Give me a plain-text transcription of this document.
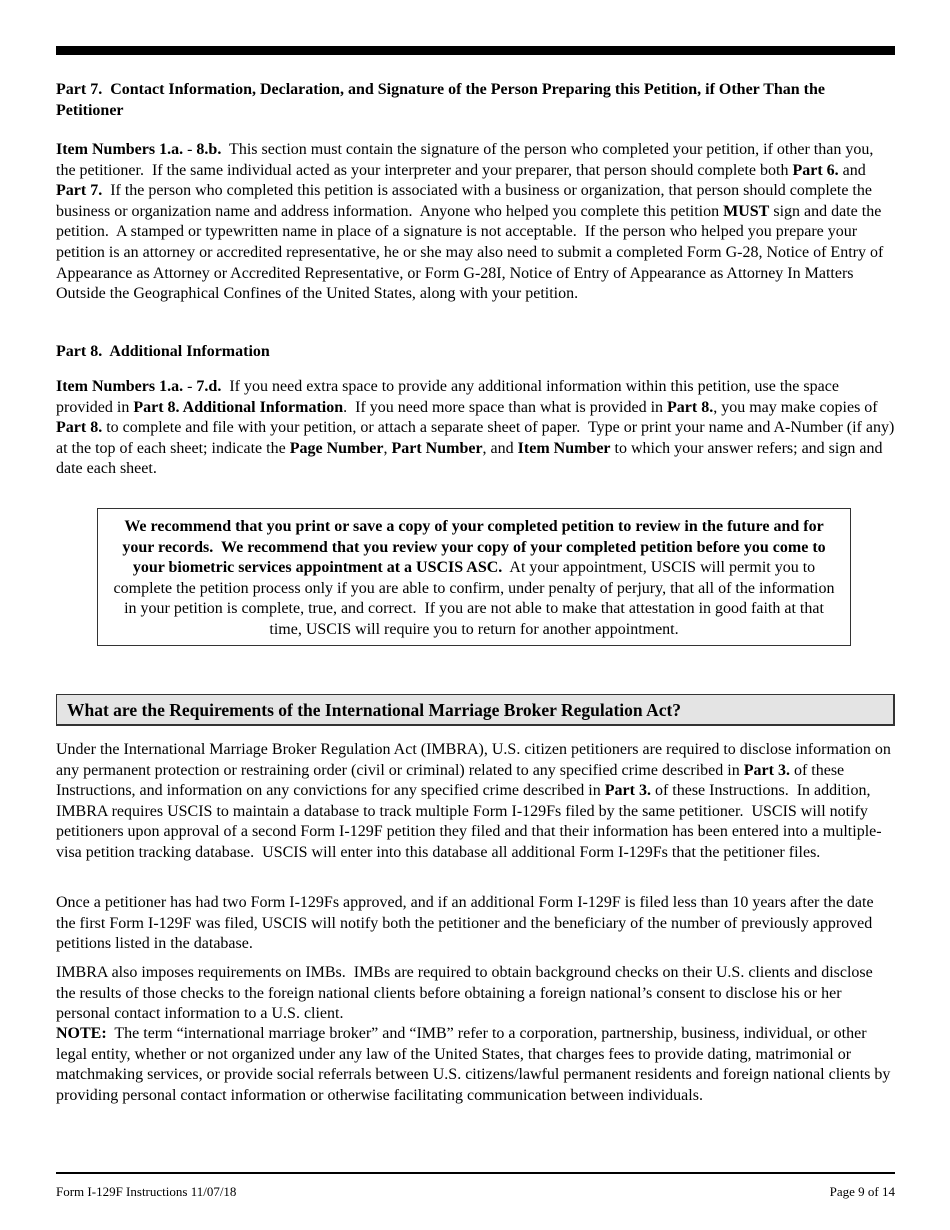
Part 7.  Contact Information, Declaration, and Signature of the Person Preparing this Petition, if Other Than the Petitioner

Item Numbers 1.a. - 8.b.  This section must contain the signature of the person who completed your petition, if other than you, the petitioner.  If the same individual acted as your interpreter and your preparer, that person should complete both Part 6. and Part 7.  If the person who completed this petition is associated with a business or organization, that person should complete the business or organization name and address information.  Anyone who helped you complete this petition MUST sign and date the petition.  A stamped or typewritten name in place of a signature is not acceptable.  If the person who helped you prepare your petition is an attorney or accredited representative, he or she may also need to submit a completed Form G-28, Notice of Entry of Appearance as Attorney or Accredited Representative, or Form G-28I, Notice of Entry of Appearance as Attorney In Matters Outside the Geographical Confines of the United States, along with your petition.

Part 8.  Additional Information

Item Numbers 1.a. - 7.d.  If you need extra space to provide any additional information within this petition, use the space provided in Part 8. Additional Information.  If you need more space than what is provided in Part 8., you may make copies of Part 8. to complete and file with your petition, or attach a separate sheet of paper.  Type or print your name and A-Number (if any) at the top of each sheet; indicate the Page Number, Part Number, and Item Number to which your answer refers; and sign and date each sheet.

We recommend that you print or save a copy of your completed petition to review in the future and for your records.  We recommend that you review your copy of your completed petition before you come to your biometric services appointment at a USCIS ASC.  At your appointment, USCIS will permit you to complete the petition process only if you are able to confirm, under penalty of perjury, that all of the information in your petition is complete, true, and correct.  If you are not able to make that attestation in good faith at that time, USCIS will require you to return for another appointment.

What are the Requirements of the International Marriage Broker Regulation Act?

Under the International Marriage Broker Regulation Act (IMBRA), U.S. citizen petitioners are required to disclose information on any permanent protection or restraining order (civil or criminal) related to any specified crime described in Part 3. of these Instructions, and information on any convictions for any specified crime described in Part 3. of these Instructions.  In addition, IMBRA requires USCIS to maintain a database to track multiple Form I-129Fs filed by the same petitioner.  USCIS will notify petitioners upon approval of a second Form I-129F petition they filed and that their information has been entered into a multiple-visa petition tracking database.  USCIS will enter into this database all additional Form I-129Fs that the petitioner files.

Once a petitioner has had two Form I-129Fs approved, and if an additional Form I-129F is filed less than 10 years after the date the first Form I-129F was filed, USCIS will notify both the petitioner and the beneficiary of the number of previously approved petitions listed in the database.

IMBRA also imposes requirements on IMBs.  IMBs are required to obtain background checks on their U.S. clients and disclose the results of those checks to the foreign national clients before obtaining a foreign national’s consent to disclose his or her personal contact information to a U.S. client.

NOTE:  The term “international marriage broker” and “IMB” refer to a corporation, partnership, business, individual, or other legal entity, whether or not organized under any law of the United States, that charges fees to provide dating, matrimonial or matchmaking services, or provide social referrals between U.S. citizens/lawful permanent residents and foreign national clients by providing personal contact information or otherwise facilitating communication between individuals.

Form I-129F Instructions 11/07/18	Page 9 of 14
